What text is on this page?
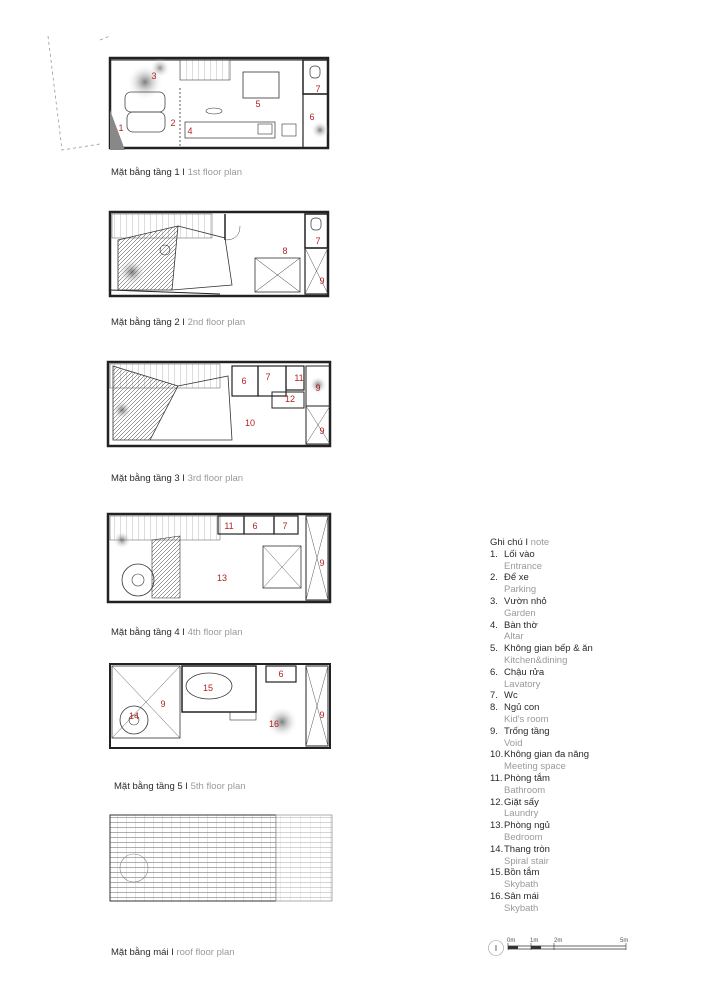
3
5
7
6
1	2
4
8
7
9
6 7	11
9
12
10
9
11 6	7
9
13
6
15
9
14
16
9
Mặt bằng tầng 1 I 1st floor plan
Mặt bằng tầng 2 I 2nd floor plan
Mặt bằng tầng 3 I 3rd floor plan
Mặt bằng tầng 4 I 4th floor plan
Mặt bằng tầng 5 I 5th floor plan
Mặt bằng mái I roof floor plan
Ghi chú I note
1. Lối vào
Entrance
2. Để xe
Parking
3. Vườn nhỏ
Garden
4. Bàn thờ
Altar
5. Không gian bếp & ăn
Kitchen&dining
6. Chậu rửa
Lavatory
7. Wc
8. Ngủ con
Kid's room
9. Trống tầng
Void
10. Không gian đa năng
Meeting space
11. Phòng tắm
Bathroom
12. Giặt sấy
Laundry
13. Phòng ngủ
Bedroom
14. Thang tròn
Spiral stair
15. Bồn tắm
Skybath
16. Sân mái
Skybath
I
0m 1m	2m	5m
